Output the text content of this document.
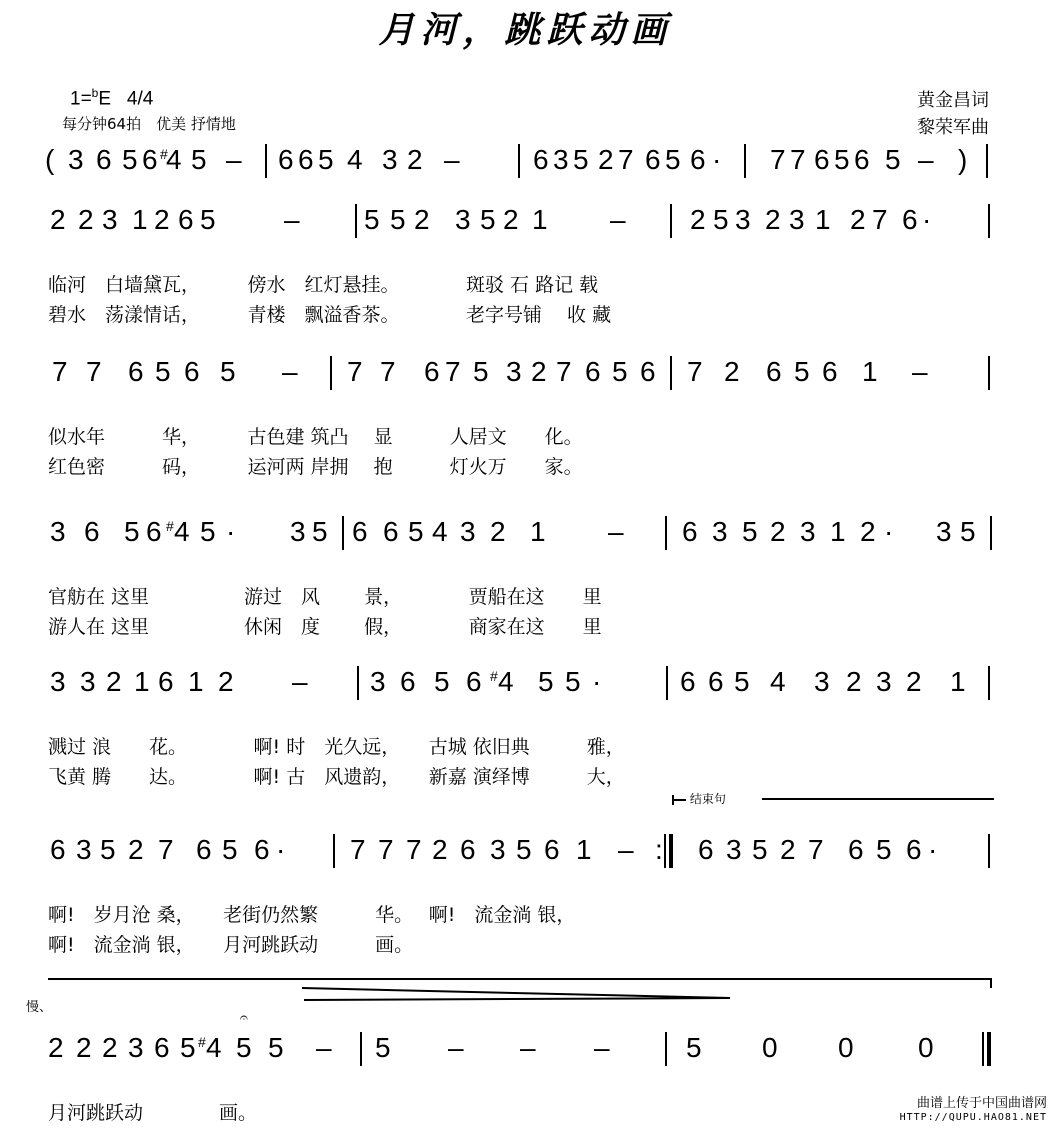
月河，跳跃动画
1=$^b$E 4/4
每分钟64拍　优美 抒情地
黄金昌词
黎荣军曲
( 3 6 5 6 #
4 5 – 6 6 5 4 3 2 –	6 3 5 2 7 6 5 6 · 7 7 6 5 6 5 – )
2 2 3 1 2 6 5 – 5 5 2 3 5 2 1 – 2 5 3 2 3 1 2 7 6 ·
临河　白墙黛瓦，　　　傍水　红灯悬挂。　　　　斑驳 石 路记 载
碧水　荡漾情话，　　　青楼　飘溢香茶。　　　　老字号铺　 收 藏
7 7 6 5 6 5 – 7 7 6 7 5 3 2 7 6 5 6 7 2 6 5 6 1 –
似水年　　　华，　　　古色建 筑凸　 显　　　人居文　　化。
红色密　　　码，　　　运河两 岸拥　 抱　　　灯火万　　家。
3 6 5 6 # 4 5 · 3 5 6 6 5 4 3 2 1 – 6 3 5 2 3 1 2 · 3 5
官舫在 这里　　　　　游过　风　　 景，　　　　贾船在这　　里
游人在 这里　　　　　休闲　度　　 假，　　　　商家在这　　里
3 3 2 1 6 1 2 – 3 6 5 6 # 4 5 5 ·	6 6 5 4 3 2 3 2 1
溅过 浪　　花。　　　　啊! 时　光久远，　　古城 依旧典　　　雅，
飞黄 腾　　达。　　　　啊! 古　风遗韵，　　新嘉 演绎博　　　大，
6 3 5 2 7 6 5 6 · 7 7 7 2 6 3 5 6 1 – : 6 3 5 2 7 6 5 6 ·
啊!　岁月沧 桑，　　老街仍然繁　　　华。　 啊!　流金淌 银，
啊!　流金淌 银，　　月河跳跃动　　　画。
2 2 2 3 6 5 # 4 5 5 – 5 – – –	5 0 0 0
月河跳跃动　　　　画。
结束句
慢、
𝄐
曲谱上传于中国曲谱网
HTTP://QUPU.HAO81.NET
